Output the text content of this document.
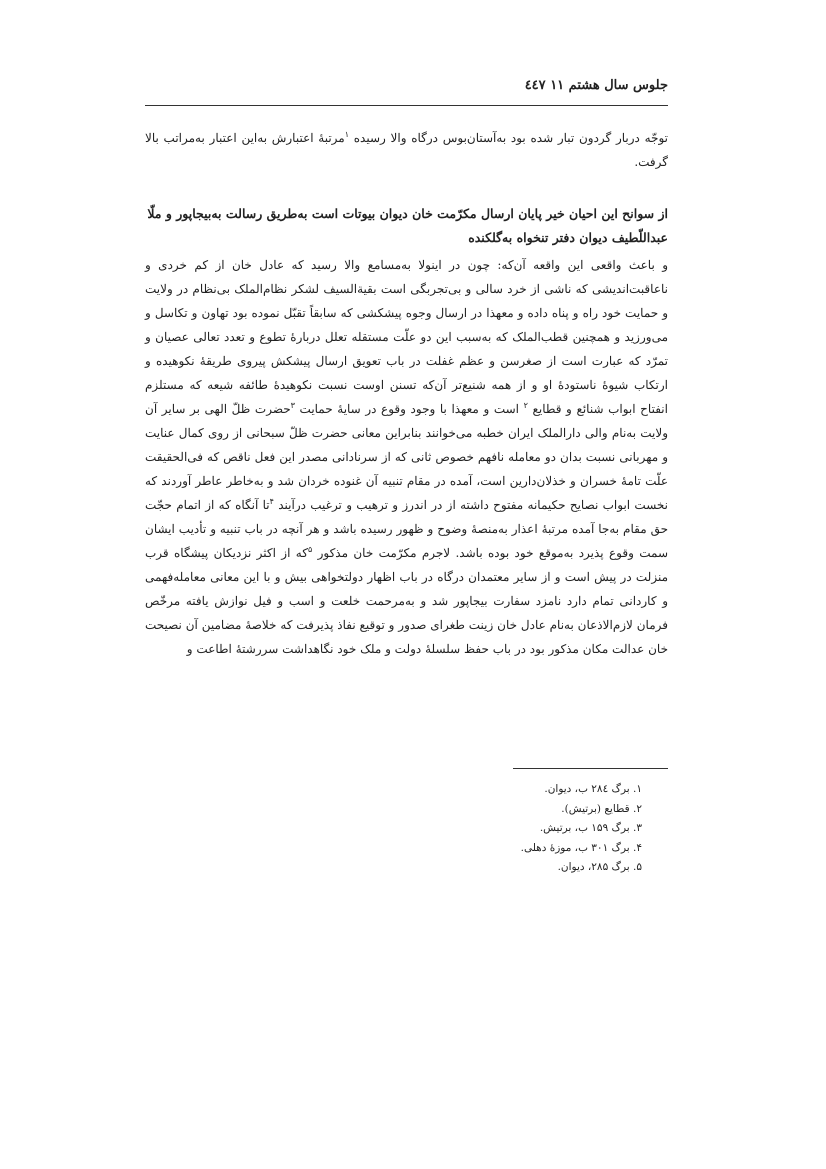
جلوس سال هشتم ۱۱ ٤٤٧

توجّه دربار گردون تبار شده بود به‌آستان‌بوس درگاه والا رسیده $^۱$مرتبهٔ اعتبارش به‌این اعتبار به‌مراتب بالا گرفت.

از سوانح این احیان خیر پایان ارسال مکرّمت خان دیوان بیوتات است به‌طریق رسالت به‌بیجاپور و ملّا عبداللّطیف دیوان دفتر تنخواه به‌گلکنده

و باعث واقعی این واقعه آن‌که: چون در اینولا به‌مسامع والا رسید که عادل خان از کم خردی و ناعاقبت‌اندیشی که ناشی از خرد سالی و بی‌تجربگی است بقیة‌السیف لشکر نظام‌الملک بی‌نظام در ولایت و حمایت خود راه و پناه داده و معهذا در ارسال وجوه پیشکشی که سابقاً تقبّل نموده بود تهاون و تکاسل و می‌ورزید و همچنین قطب‌الملک که به‌سبب این دو علّت مستقله تعلل دربارهٔ تطوع و تعدد تعالی عصیان و تمرّد که عبارت است از صغرسن و عظم غفلت در باب تعویق ارسال پیشکش پیروی طریقهٔ نکوهیده و ارتکاب شیوهٔ ناستودهٔ او و از همه شنیع‌تر آن‌که تسنن اوست نسبت نکوهیدهٔ طائفه شیعه که مستلزم انفتاح ابواب شنائع و قطایع $^۲$ است و معهذا با وجود وقوع در سایهٔ حمایت $^۳$حضرت ظلّ الهی بر سایر آن ولایت به‌نام والی دارالملک ایران خطبه می‌خوانند بنابراین معانی حضرت ظلّ سبحانی از روی کمال عنایت و مهربانی نسبت بدان دو معامله نافهم خصوص ثانی که از سرنادانی مصدر این فعل ناقص که فی‌الحقیقت علّت تامهٔ خسران و خذلان‌دارین است، آمده در مقام تنبیه آن غنوده خردان شد و به‌خاطر عاطر آوردند که نخست ابواب نصایح حکیمانه مفتوح داشته از در اندرز و ترهیب و ترغیب درآیند $^۴$تا آنگاه که از اتمام حجّت حق مقام به‌جا آمده مرتبهٔ اعذار به‌منصهٔ وضوح و ظهور رسیده باشد و هر آنچه در باب تنبیه و تأدیب ایشان سمت وقوع پذیرد به‌موقع خود بوده باشد. لاجرم مکرّمت خان مذکور $^۵$که از اکثر نزدیکان پیشگاه قرب منزلت در پیش است و از سایر معتمدان درگاه در باب اظهار دولتخواهی بیش و با این معانی معامله‌فهمی و کاردانی تمام دارد نامزد سفارت بیجاپور شد و به‌مرحمت خلعت و اسب و فیل نوازش یافته مرخّص فرمان لازم‌الاذعان به‌نام عادل خان زینت طغرای صدور و توقیع نفاذ پذیرفت که خلاصهٔ مضامین آن نصیحت خان عدالت مکان مذکور بود در باب حفظ سلسلهٔ دولت و ملک خود نگاهداشت سررشتهٔ اطاعت و

۱. برگ ۲۸٤ ب، دیوان.
۲. قطایع (برتیش).
۳. برگ ۱۵۹ ب، برتیش.
۴. برگ ۳۰۱ ب، موزهٔ دهلی.
۵. برگ ۲۸۵، دیوان.
